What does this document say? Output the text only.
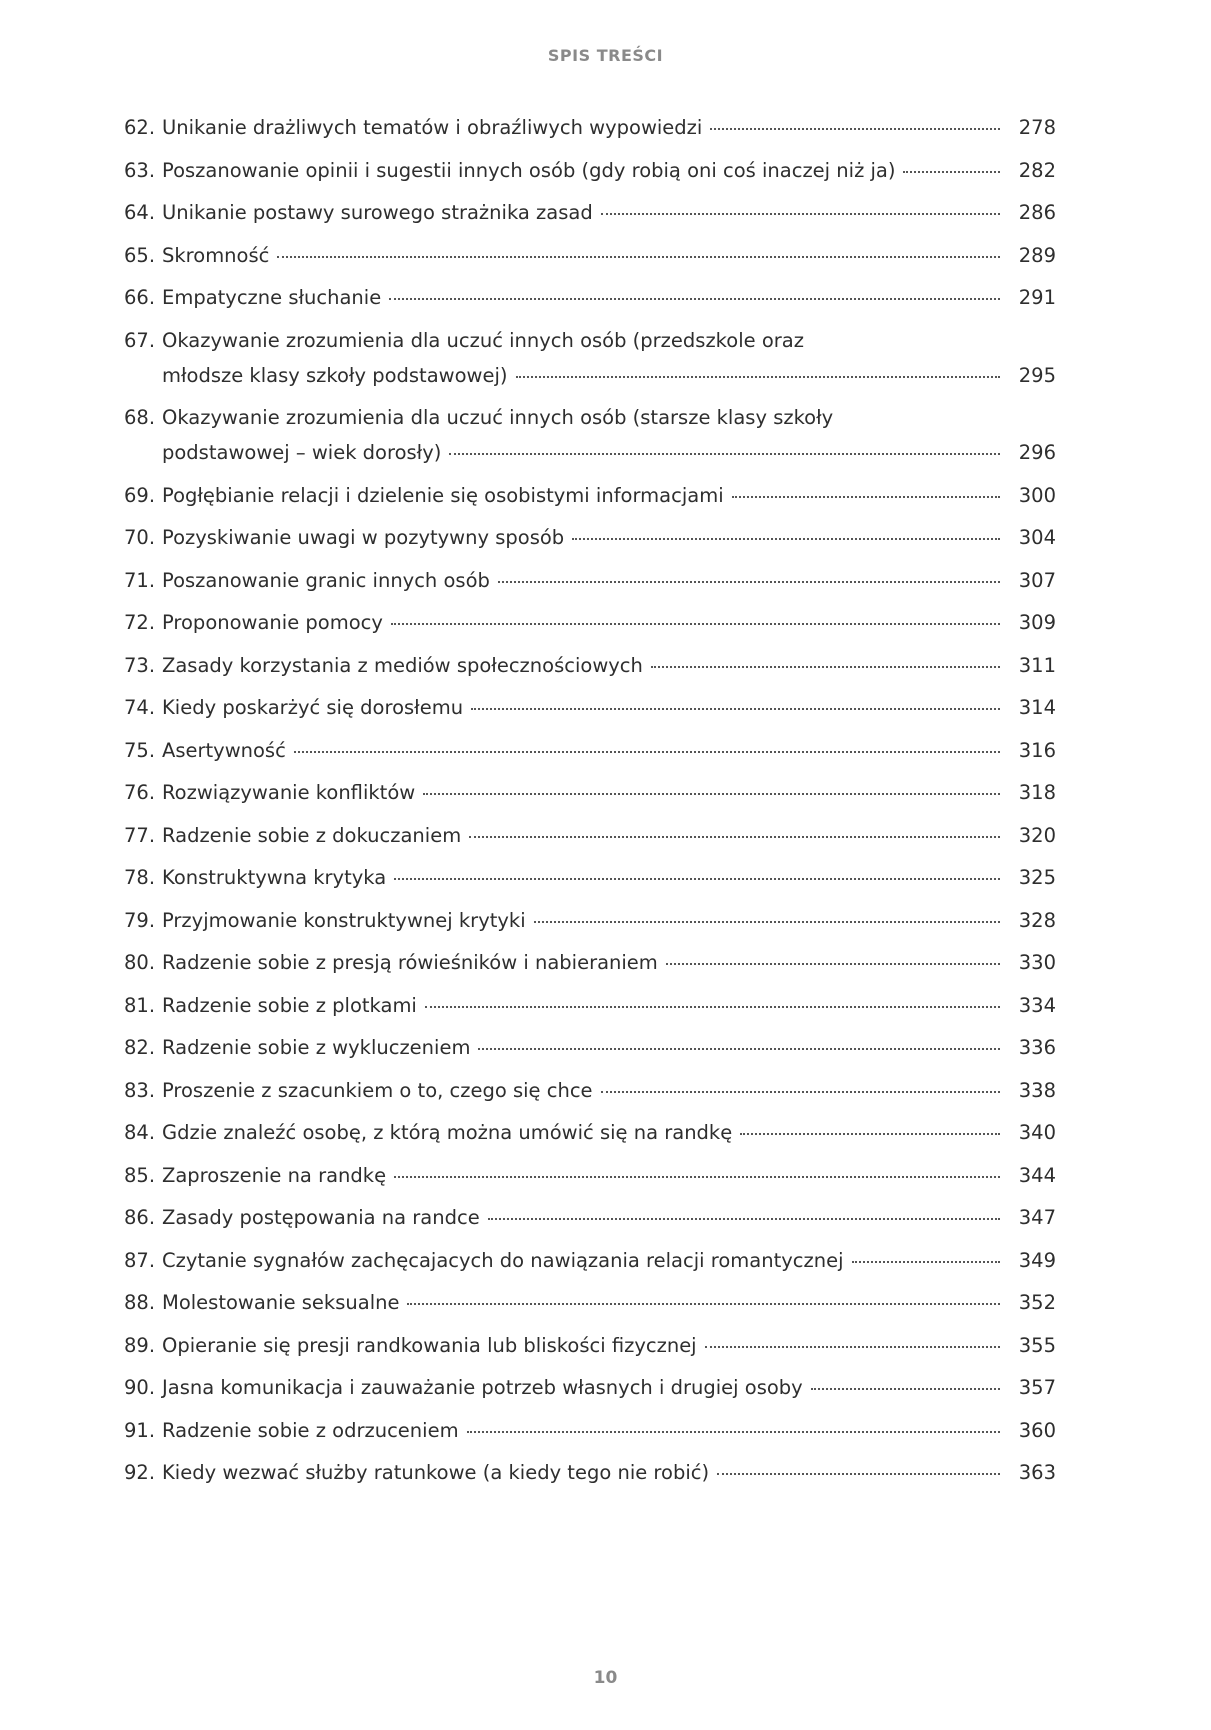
SPIS TREŚCI
62. Unikanie drażliwych tematów i obraźliwych wypowiedzi	278
63. Poszanowanie opinii i sugestii innych osób (gdy robią oni coś inaczej niż ja)	282
64. Unikanie postawy surowego strażnika zasad	286
65. Skromność	289
66. Empatyczne słuchanie	291
67. Okazywanie zrozumienia dla uczuć innych osób (przedszkole oraz
młodsze klasy szkoły podstawowej)	295
68. Okazywanie zrozumienia dla uczuć innych osób (starsze klasy szkoły
podstawowej – wiek dorosły)	296
69. Pogłębianie relacji i dzielenie się osobistymi informacjami	300
70. Pozyskiwanie uwagi w pozytywny sposób	304
71. Poszanowanie granic innych osób	307
72. Proponowanie pomocy	309
73. Zasady korzystania z mediów społecznościowych	311
74. Kiedy poskarżyć się dorosłemu	314
75. Asertywność	316
76. Rozwiązywanie konfliktów	318
77. Radzenie sobie z dokuczaniem	320
78. Konstruktywna krytyka	325
79. Przyjmowanie konstruktywnej krytyki	328
80. Radzenie sobie z presją rówieśników i nabieraniem	330
81. Radzenie sobie z plotkami	334
82. Radzenie sobie z wykluczeniem	336
83. Proszenie z szacunkiem o to, czego się chce	338
84. Gdzie znaleźć osobę, z którą można umówić się na randkę	340
85. Zaproszenie na randkę	344
86. Zasady postępowania na randce	347
87. Czytanie sygnałów zachęcajacych do nawiązania relacji romantycznej	349
88. Molestowanie seksualne	352
89. Opieranie się presji randkowania lub bliskości fizycznej	355
90. Jasna komunikacja i zauważanie potrzeb własnych i drugiej osoby	357
91. Radzenie sobie z odrzuceniem	360
92. Kiedy wezwać służby ratunkowe (a kiedy tego nie robić)	363
10
